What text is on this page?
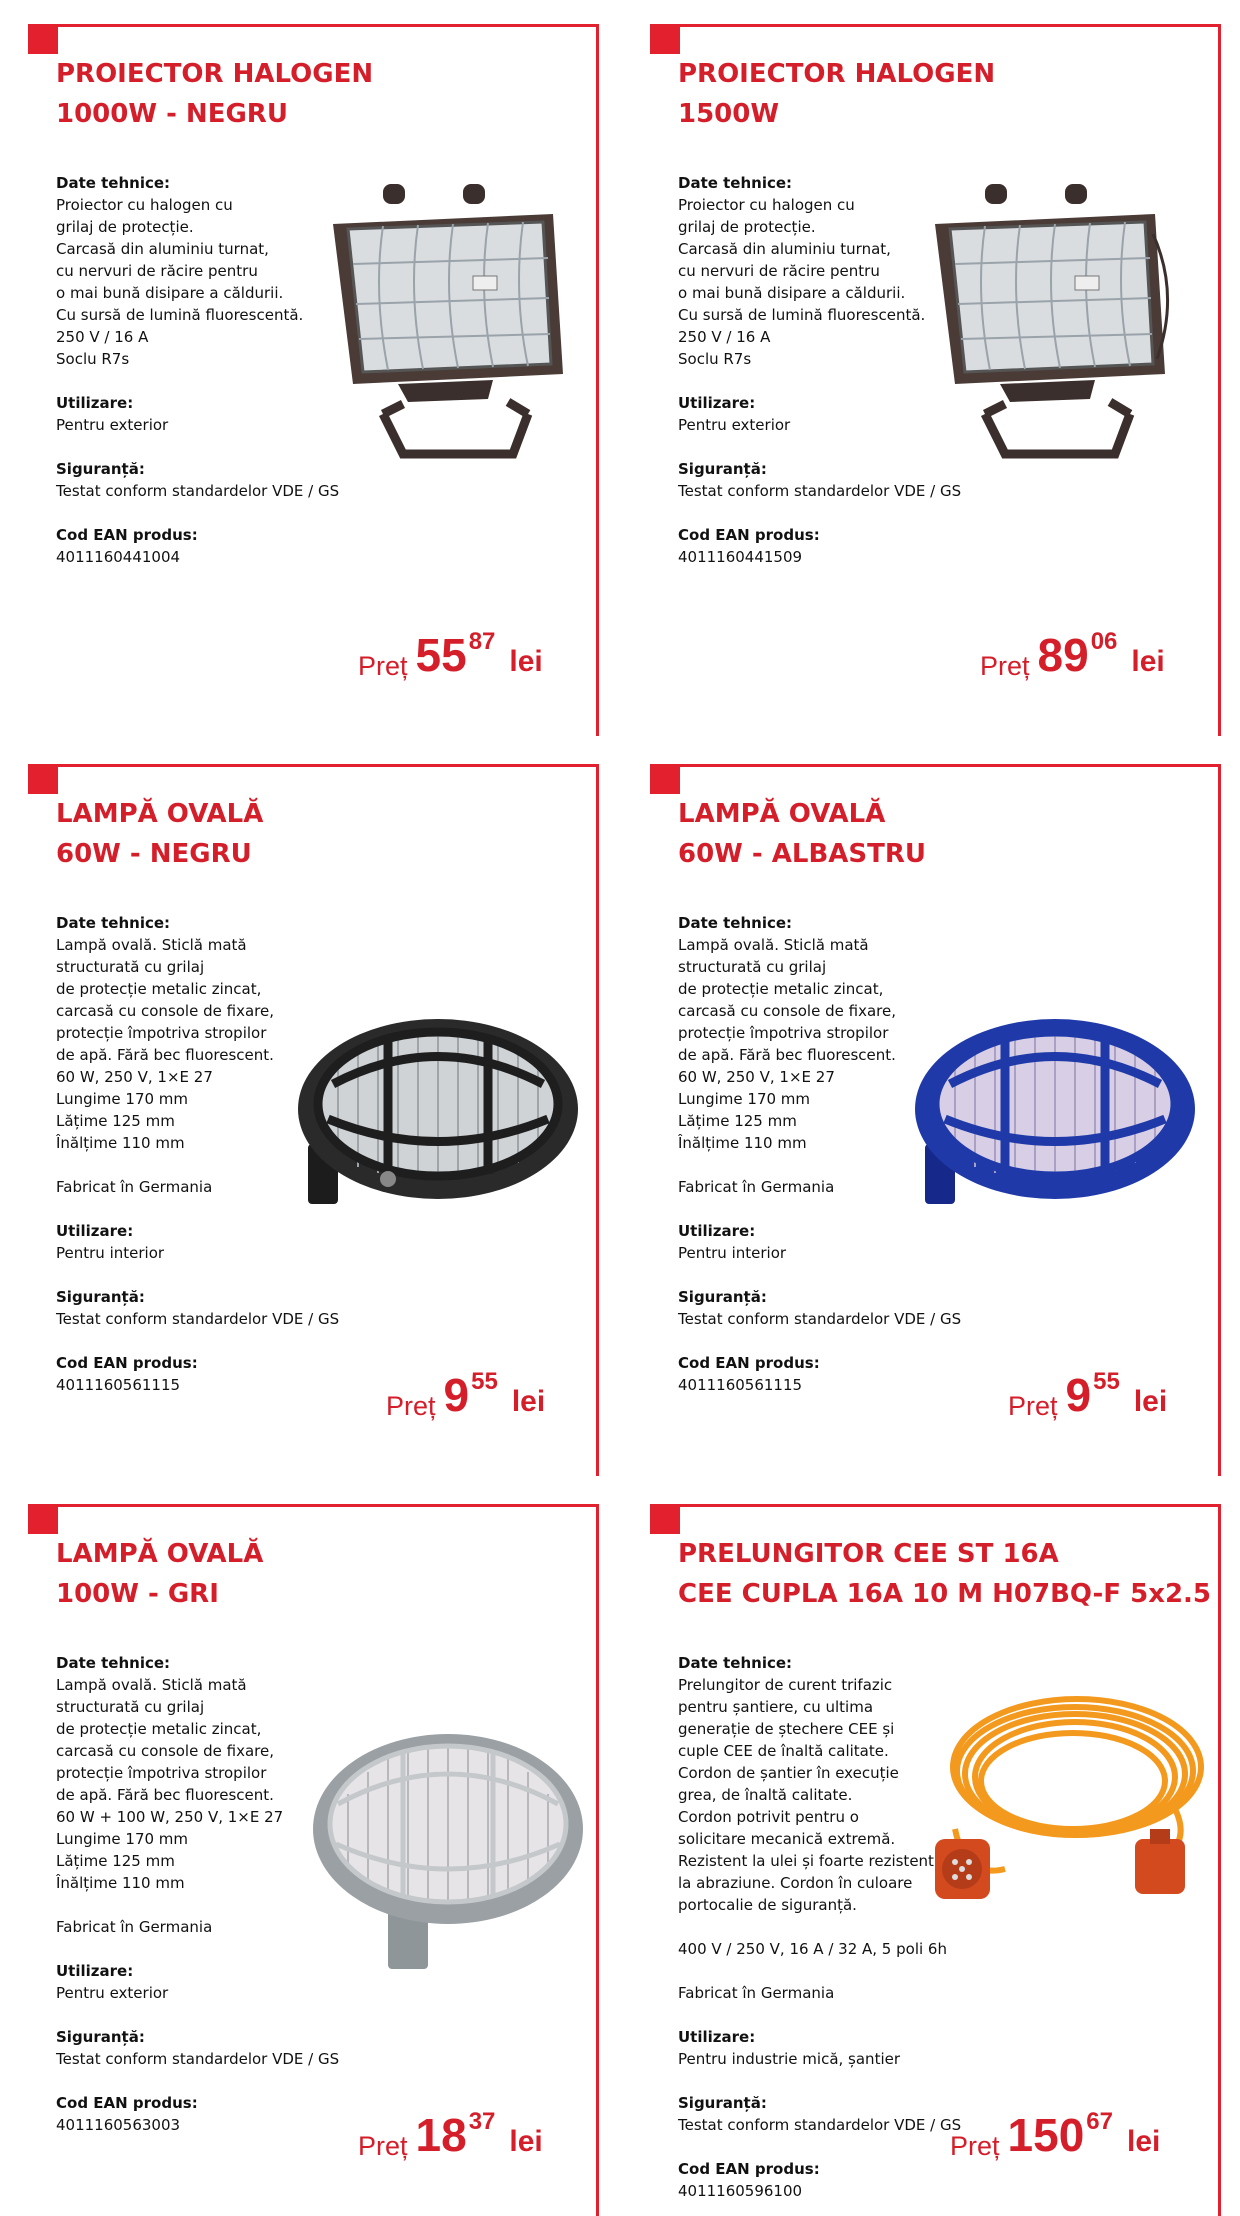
PROIECTOR HALOGEN
1000W - NEGRU
Date tehnice:
Proiector cu halogen cu
grilaj de protecție.
Carcasă din aluminiu turnat,
cu nervuri de răcire pentru
o mai bună disipare a căldurii.
Cu sursă de lumină fluorescentă.
250 V / 16 A
Soclu R7s
Utilizare:
Pentru exterior
Siguranță:
Testat conform standardelor VDE / GS
Cod EAN produs:
4011160441004
Preț 5587lei
PROIECTOR HALOGEN
1500W
Date tehnice:
Proiector cu halogen cu
grilaj de protecție.
Carcasă din aluminiu turnat,
cu nervuri de răcire pentru
o mai bună disipare a căldurii.
Cu sursă de lumină fluorescentă.
250 V / 16 A
Soclu R7s
Utilizare:
Pentru exterior
Siguranță:
Testat conform standardelor VDE / GS
Cod EAN produs:
4011160441509
Preț 8906lei
LAMPĂ OVALĂ
60W - NEGRU
Date tehnice:
Lampă ovală. Sticlă mată
structurată cu grilaj
de protecție metalic zincat,
carcasă cu console de fixare,
protecție împotriva stropilor
de apă. Fără bec fluorescent.
60 W, 250 V, 1×E 27
Lungime 170 mm
Lățime 125 mm
Înălțime 110 mm
Fabricat în Germania
Utilizare:
Pentru interior
Siguranță:
Testat conform standardelor VDE / GS
Cod EAN produs:
4011160561115
Preț 955lei
LAMPĂ OVALĂ
60W - ALBASTRU
Date tehnice:
Lampă ovală. Sticlă mată
structurată cu grilaj
de protecție metalic zincat,
carcasă cu console de fixare,
protecție împotriva stropilor
de apă. Fără bec fluorescent.
60 W, 250 V, 1×E 27
Lungime 170 mm
Lățime 125 mm
Înălțime 110 mm
Fabricat în Germania
Utilizare:
Pentru interior
Siguranță:
Testat conform standardelor VDE / GS
Cod EAN produs:
4011160561115
Preț 955lei
LAMPĂ OVALĂ
100W - GRI
Date tehnice:
Lampă ovală. Sticlă mată
structurată cu grilaj
de protecție metalic zincat,
carcasă cu console de fixare,
protecție împotriva stropilor
de apă. Fără bec fluorescent.
60 W + 100 W, 250 V, 1×E 27
Lungime 170 mm
Lățime 125 mm
Înălțime 110 mm
Fabricat în Germania
Utilizare:
Pentru exterior
Siguranță:
Testat conform standardelor VDE / GS
Cod EAN produs:
4011160563003
Preț 1837lei
PRELUNGITOR CEE ST 16A
CEE CUPLA 16A 10 M H07BQ-F 5x2.5
Date tehnice:
Prelungitor de curent trifazic
pentru șantiere, cu ultima
generație de ștechere CEE și
cuple CEE de înaltă calitate.
Cordon de șantier în execuție
grea, de înaltă calitate.
Cordon potrivit pentru o
solicitare mecanică extremă.
Rezistent la ulei și foarte rezistent
la abraziune. Cordon în culoare
portocalie de siguranță.
400 V / 250 V, 16 A / 32 A, 5 poli 6h
Fabricat în Germania
Utilizare:
Pentru industrie mică, șantier
Siguranță:
Testat conform standardelor VDE / GS
Cod EAN produs:
4011160596100
Preț 15067lei
